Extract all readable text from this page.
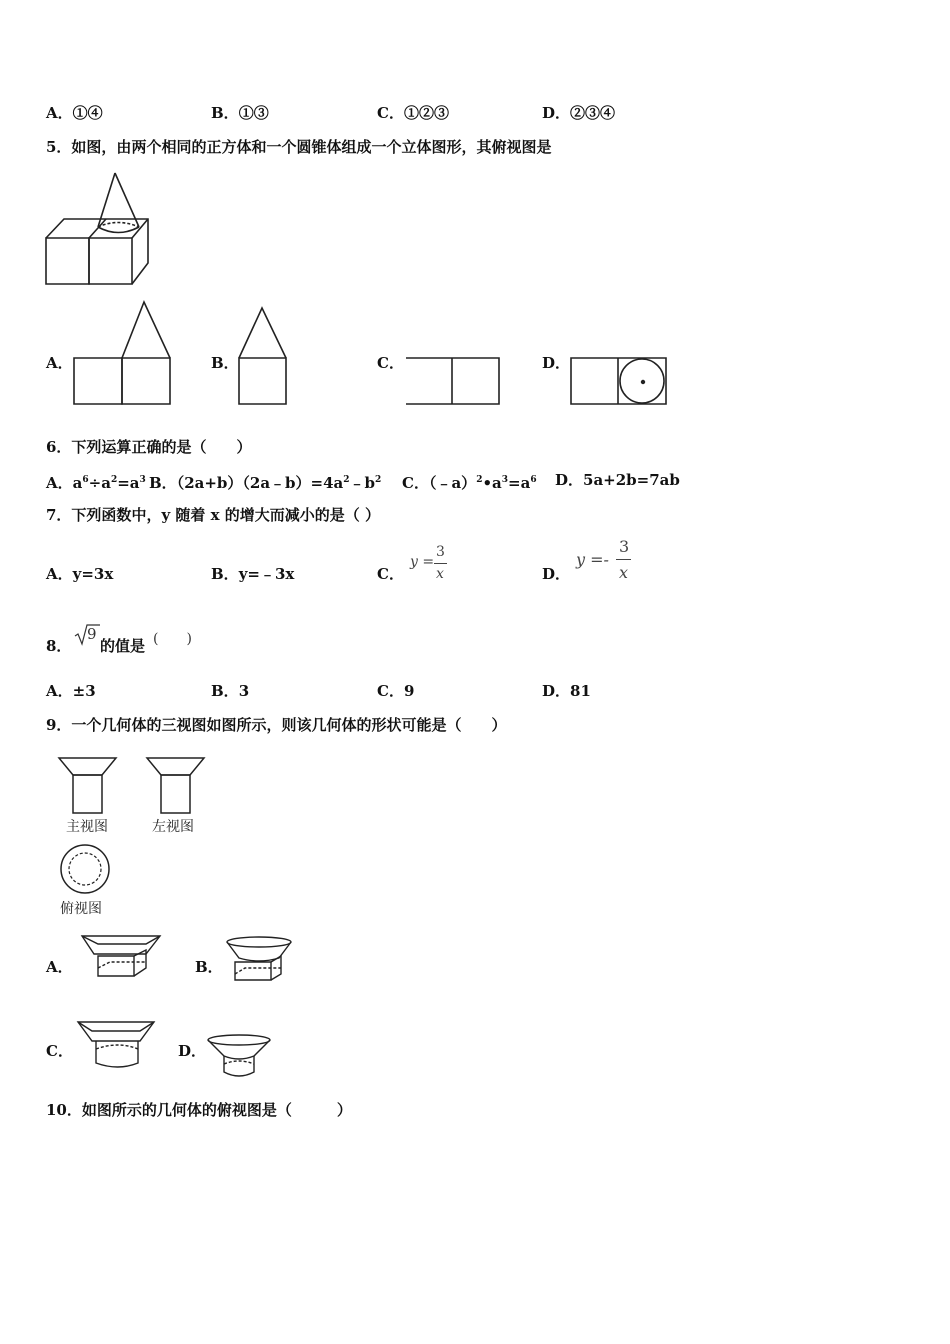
A．①④	B．①③	C．①②③	D．②③④
5．如图，由两个相同的正方体和一个圆锥体组成一个立体图形，其俯视图是
A．	B．	C．	D．
6．下列运算正确的是（　　）
A．$a^6\div a^2=a^3$ B．$(2a+b)(2a﹣b)=4a^2﹣b^2$ C．$(﹣a)^2•a^3=a^6$ D．5a+2b=7ab
7．下列函数中，y 随着 x 的增大而减小的是（ ）
A．y=3x	B．y=﹣3x	C．
y =
3
x	D．
y =-
3
x
8．
9
的值是 (　　)
A．±3	B．3	C．9	D．81
9．一个几何体的三视图如图所示，则该几何体的形状可能是（　　）
主视图	左视图
俯视图
A．	B．
C．	D．
10．如图所示的几何体的俯视图是（　　　）
